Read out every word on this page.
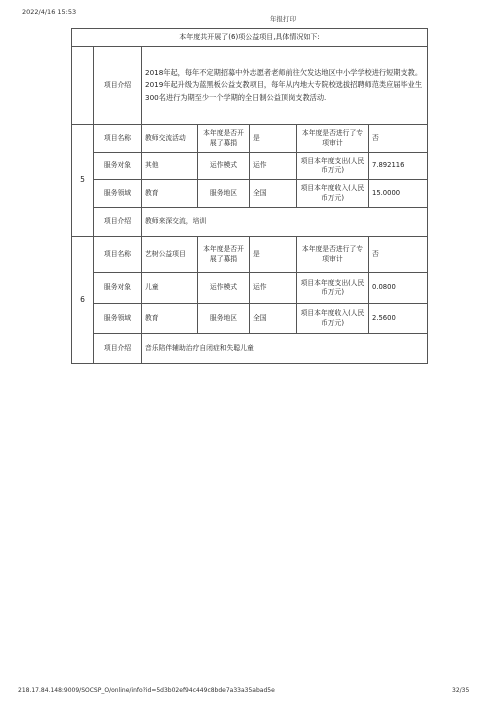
2022/4/16 15:53
年报打印
本年度共开展了(6)项公益项目,具体情况如下:						
	项目介绍	2018年起，每年不定期招募中外志愿者老师前往欠发达地区中小学学校进行短期支教。2019年起升级为蓝黑板公益支教项目，每年从内地大专院校选拔招聘师范类应届毕业生300名进行为期至少一个学期的全日制公益顶岗支教活动.				

5	项目名称	教师交流活动	本年度是否开展了募捐	是	本年度是否进行了专项审计	否
	服务对象	其他	运作模式	运作	项目本年度支出(人民币万元)	7.892116
	服务领域	教育	服务地区	全国	项目本年度收入(人民币万元)	15.0000
	项目介绍	教师来深交流，培训				
6	项目名称	艺树公益项目	本年度是否开展了募捐	是	本年度是否进行了专项审计	否
	服务对象	儿童	运作模式	运作	项目本年度支出(人民币万元)	0.0800
	服务领域	教育	服务地区	全国	项目本年度收入(人民币万元)	2.5600
	项目介绍	音乐陪伴辅助治疗自闭症和失聪儿童				
218.17.84.148:9009/SOCSP_O/online/info?id=5d3b02ef94c449c8bde7a33a35abad5e	32/35
